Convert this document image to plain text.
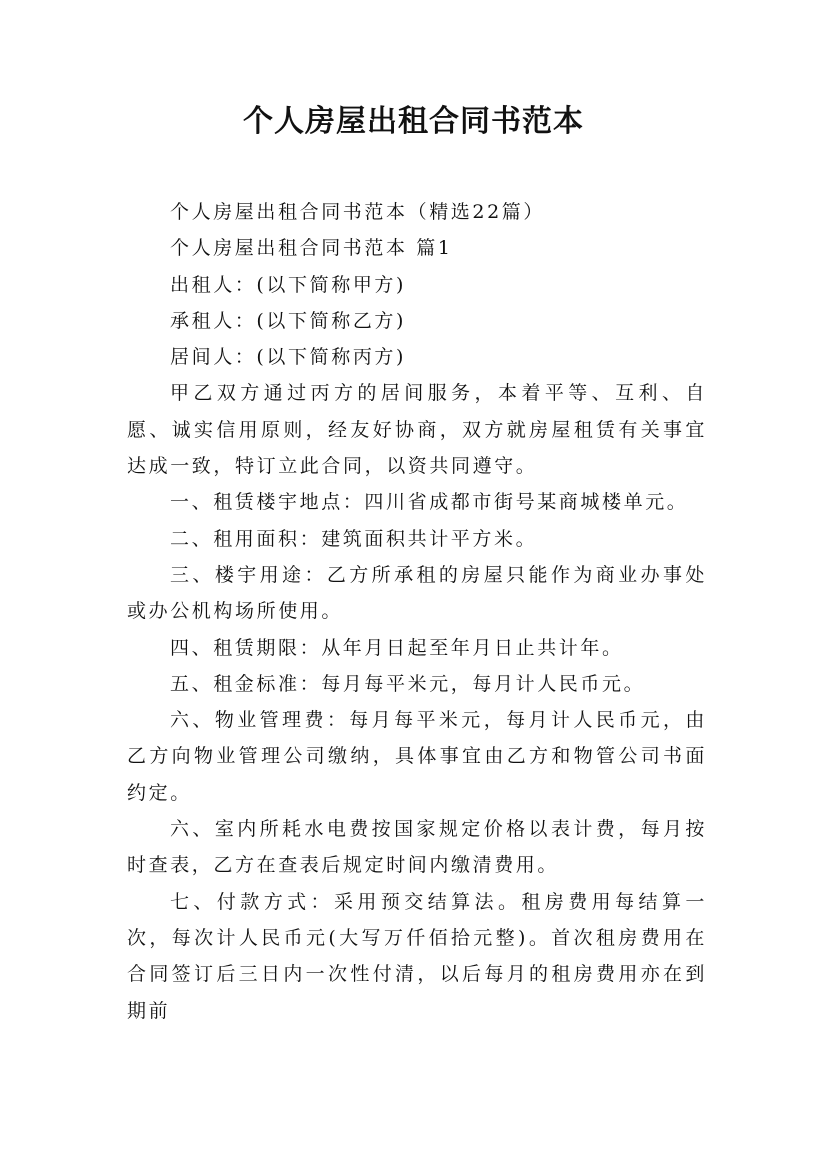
个人房屋出租合同书范本

个人房屋出租合同书范本（精选22篇）

个人房屋出租合同书范本 篇1

出租人：(以下简称甲方)

承租人：(以下简称乙方)

居间人：(以下简称丙方)

甲乙双方通过丙方的居间服务，本着平等、互利、自愿、诚实信用原则，经友好协商，双方就房屋租赁有关事宜达成一致，特订立此合同，以资共同遵守。

一、租赁楼宇地点：四川省成都市街号某商城楼单元。

二、租用面积：建筑面积共计平方米。

三、楼宇用途：乙方所承租的房屋只能作为商业办事处或办公机构场所使用。

四、租赁期限：从年月日起至年月日止共计年。

五、租金标准：每月每平米元，每月计人民币元。

六、物业管理费：每月每平米元，每月计人民币元，由乙方向物业管理公司缴纳，具体事宜由乙方和物管公司书面约定。

六、室内所耗水电费按国家规定价格以表计费，每月按时查表，乙方在查表后规定时间内缴清费用。

七、付款方式：采用预交结算法。租房费用每结算一次，每次计人民币元(大写万仟佰拾元整)。首次租房费用在合同签订后三日内一次性付清，以后每月的租房费用亦在到期前
